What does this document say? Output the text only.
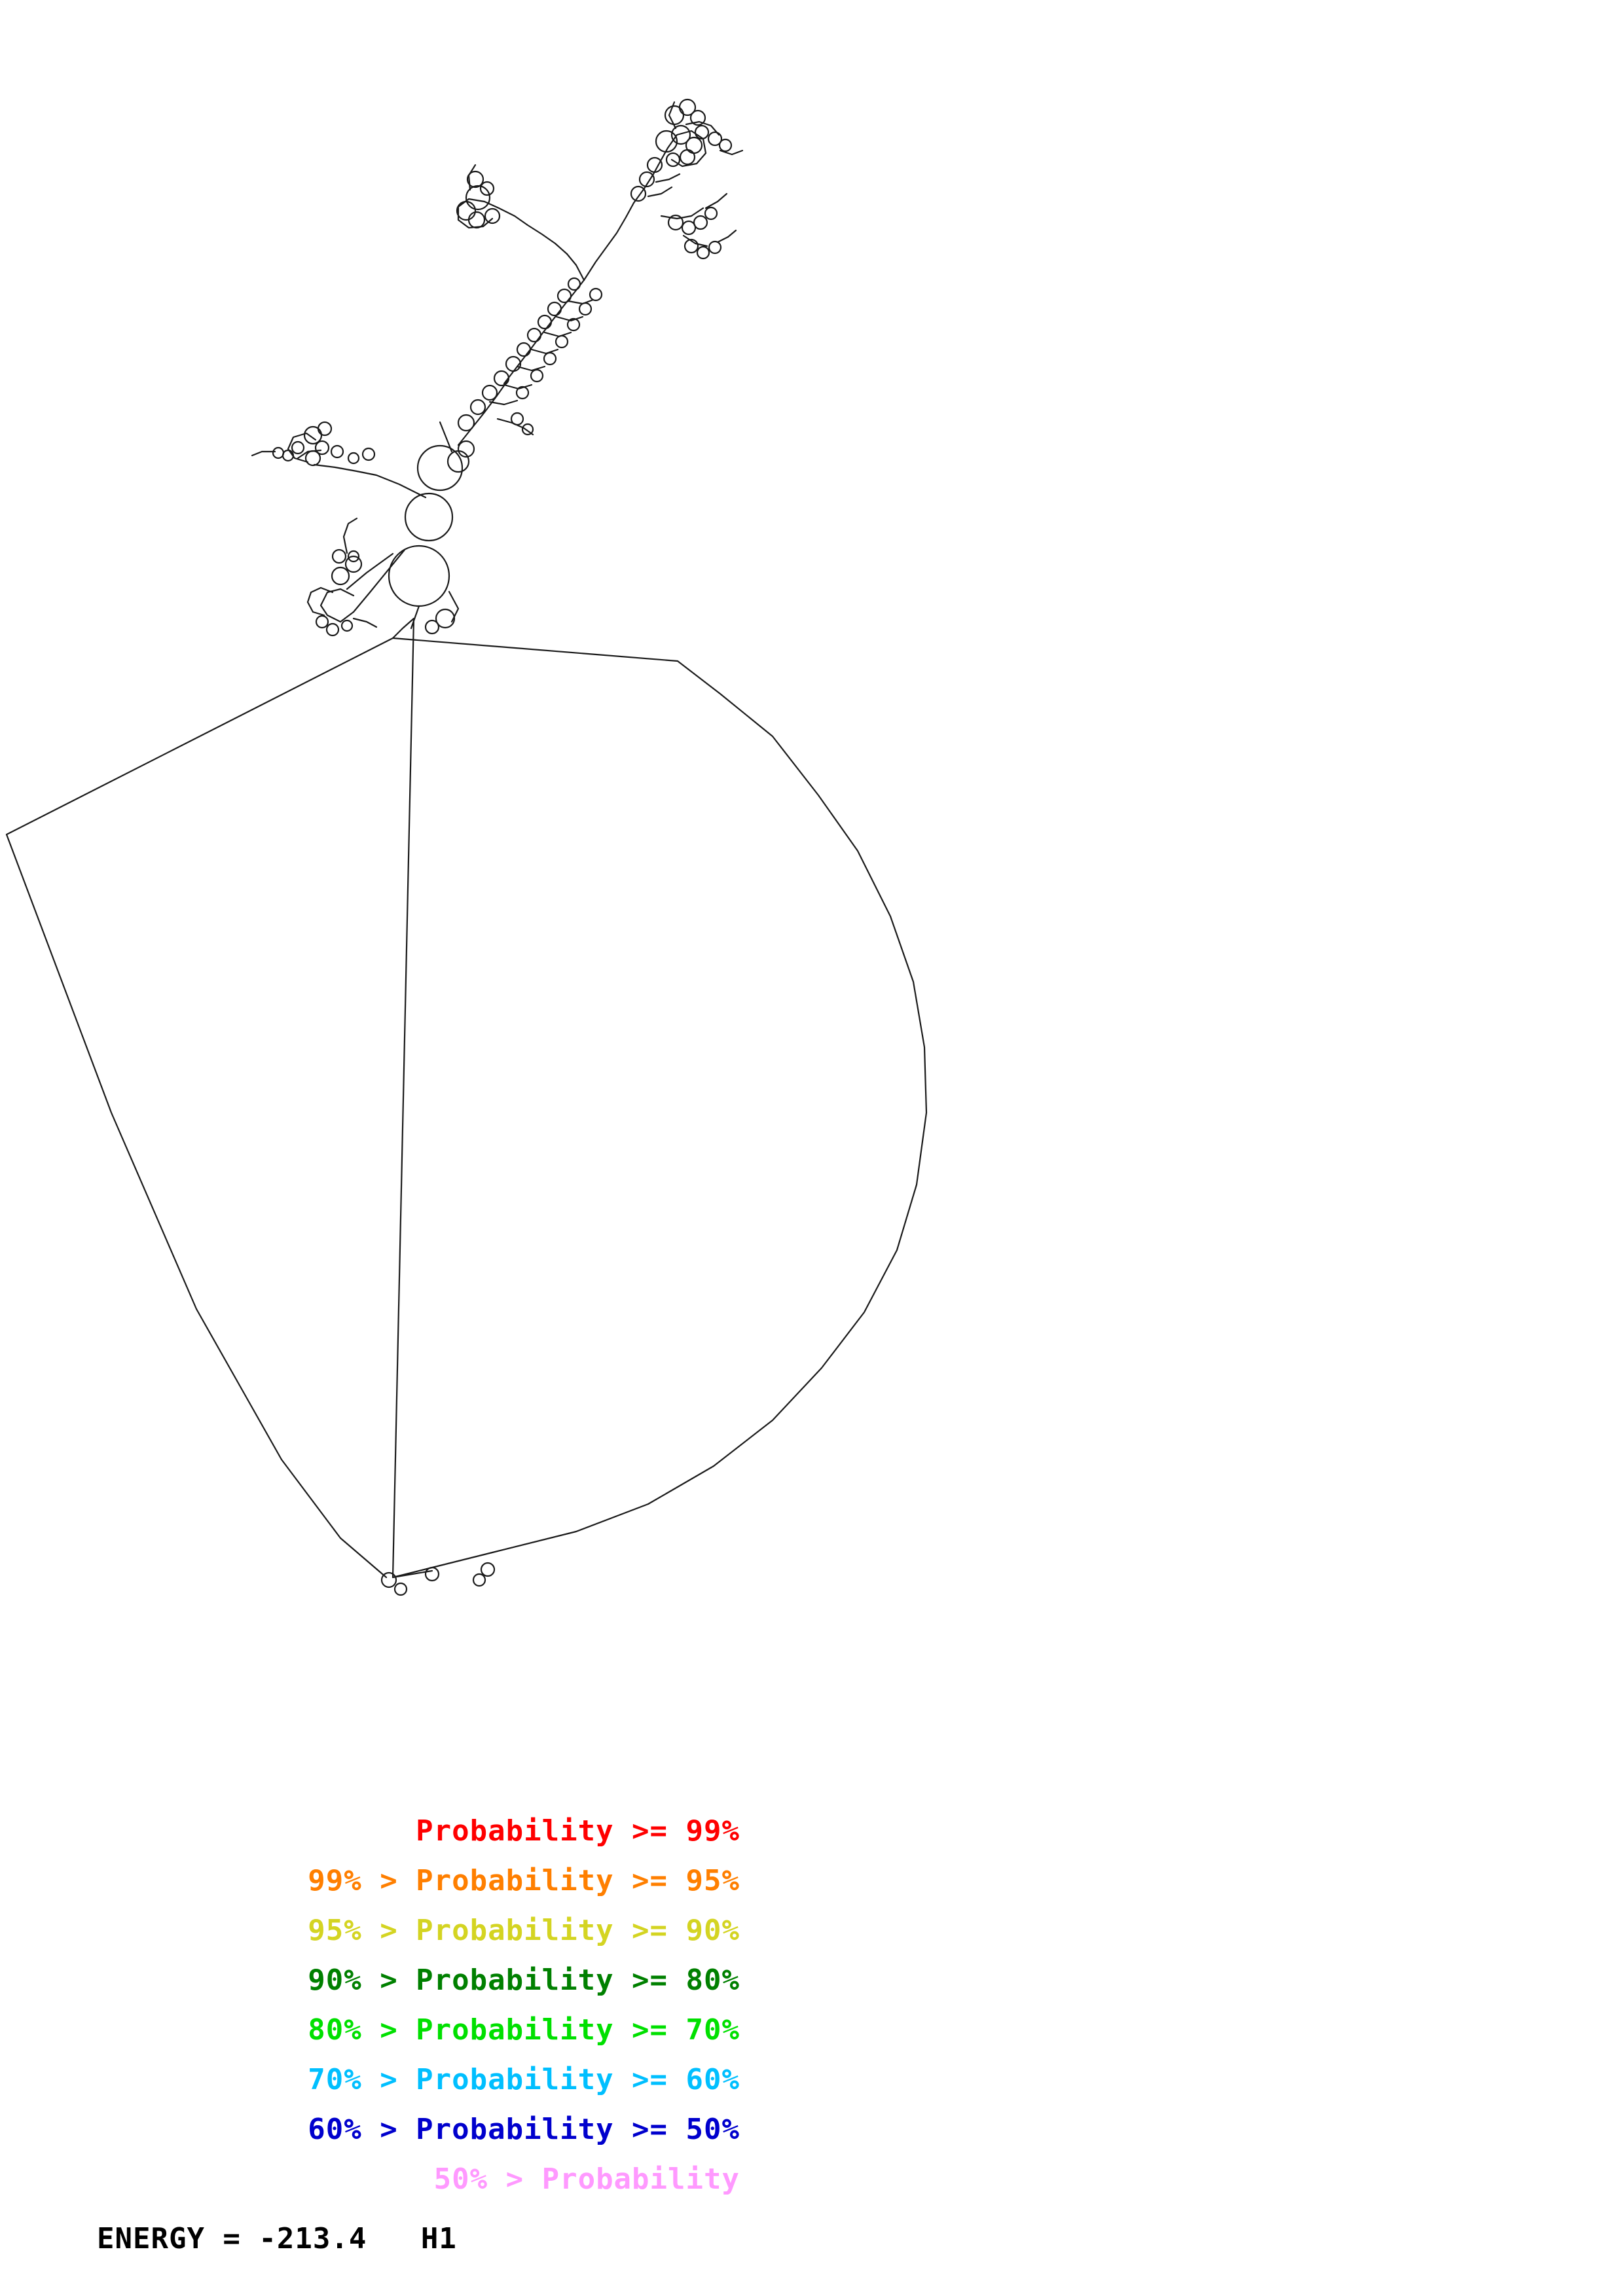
Probability >= 99%
99% > Probability >= 95%
95% > Probability >= 90%
90% > Probability >= 80%
80% > Probability >= 70%
70% > Probability >= 60%
60% > Probability >= 50%
50% > Probability
ENERGY = -213.4   H1
